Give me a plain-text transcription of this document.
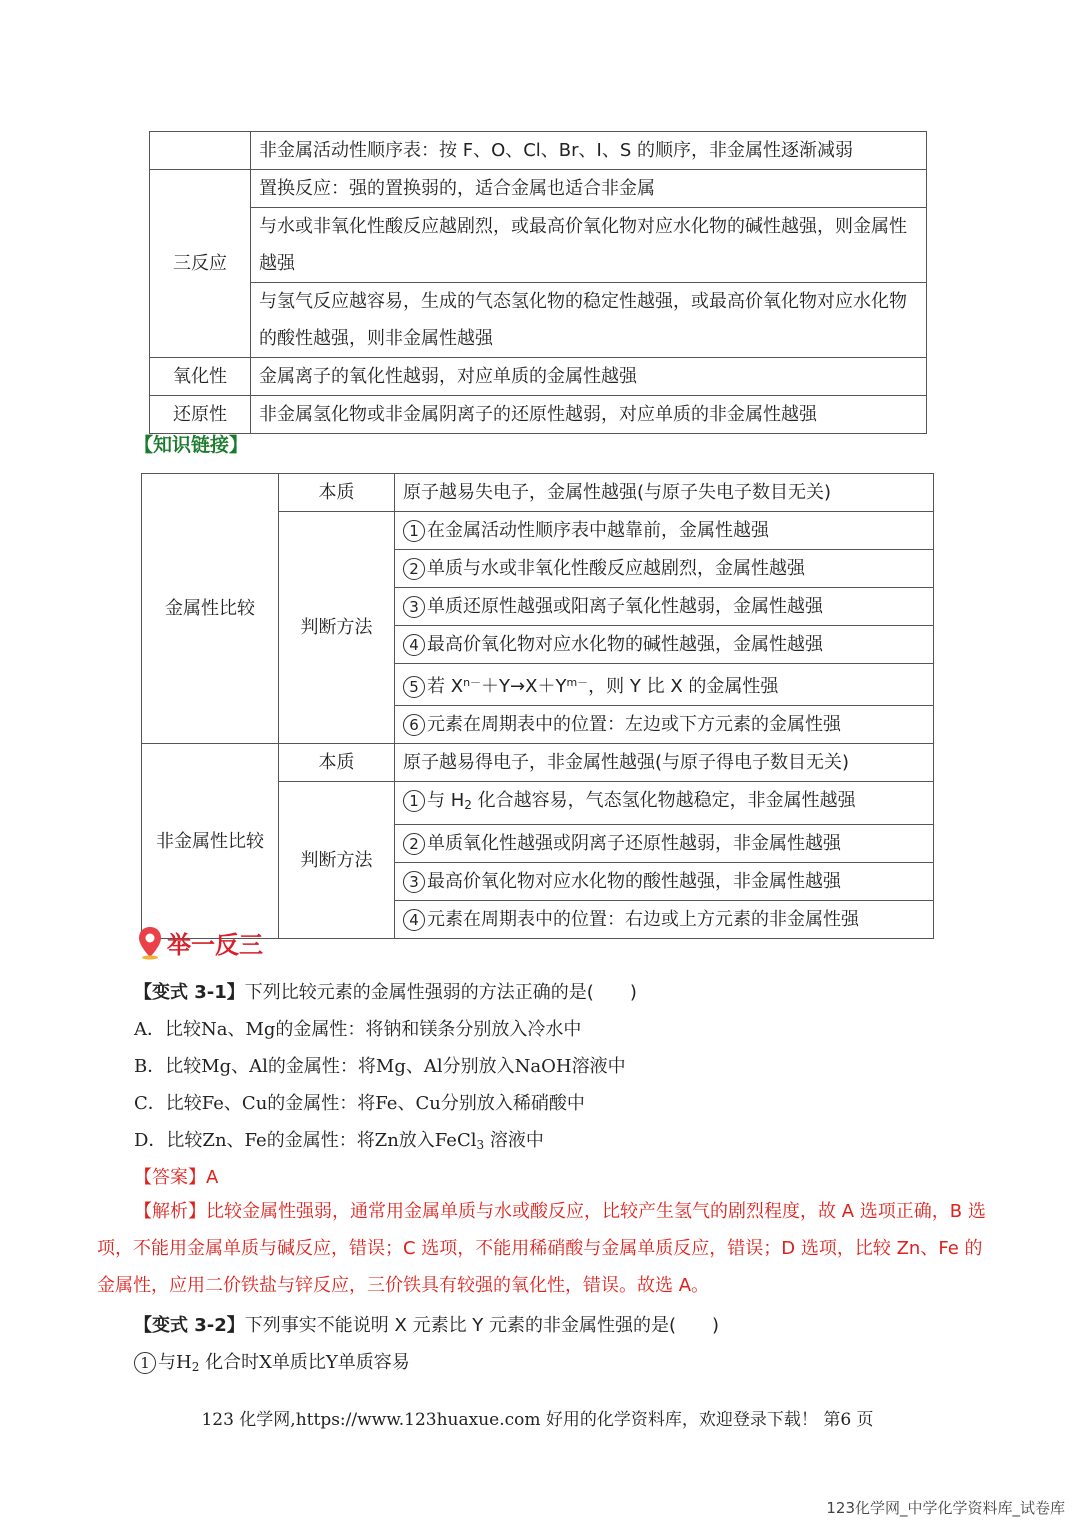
	非金属活动性顺序表：按 F、O、Cl、Br、I、S 的顺序，非金属性逐渐减弱
三反应	置换反应：强的置换弱的，适合金属也适合非金属
	与水或非氧化性酸反应越剧烈，或最高价氧化物对应水化物的碱性越强，则金属性越强
	与氢气反应越容易，生成的气态氢化物的稳定性越强，或最高价氧化物对应水化物的酸性越强，则非金属性越强
氧化性	金属离子的氧化性越弱，对应单质的金属性越强
还原性	非金属氢化物或非金属阴离子的还原性越弱，对应单质的非金属性越强
【知识链接】
金属性比较	本质	原子越易失电子，金属性越强(与原子失电子数目无关)
	判断方法	1 在金属活动性顺序表中越靠前，金属性越强
		2 单质与水或非氧化性酸反应越剧烈，金属性越强
		3 单质还原性越强或阳离子氧化性越弱，金属性越强
		4 最高价氧化物对应水化物的碱性越强，金属性越强
		5 若 $X^{n-}+Y\to X+Y^{m-}$，则 Y 比 X 的金属性强
		6 元素在周期表中的位置：左边或下方元素的金属性强
非金属性比较	本质	原子越易得电子，非金属性越强(与原子得电子数目无关)
	判断方法	1 与 $H_2$ 化合越容易，气态氢化物越稳定，非金属性越强
		2 单质氧化性越强或阴离子还原性越弱，非金属性越强
		3 最高价氧化物对应水化物的酸性越强，非金属性越强
		4 元素在周期表中的位置：右边或上方元素的非金属性强
举一反三
【变式 3-1】下列比较元素的金属性强弱的方法正确的是(　　)
A．比较Na、Mg的金属性：将钠和镁条分别放入冷水中
B．比较Mg、Al的金属性：将Mg、Al分别放入NaOH溶液中
C．比较Fe、Cu的金属性：将Fe、Cu分别放入稀硝酸中
D．比较Zn、Fe的金属性：将Zn放入FeCl$_3$ 溶液中
【答案】A
【解析】比较金属性强弱，通常用金属单质与水或酸反应，比较产生氢气的剧烈程度，故 A 选项正确，B 选项，不能用金属单质与碱反应，错误；C 选项，不能用稀硝酸与金属单质反应，错误；D 选项，比较 Zn、Fe 的金属性，应用二价铁盐与锌反应，三价铁具有较强的氧化性，错误。故选 A。
【变式 3-2】下列事实不能说明 X 元素比 Y 元素的非金属性强的是(　　)
1 与$H_2$ 化合时X单质比Y单质容易
123 化学网,https://www.123huaxue.com 好用的化学资料库，欢迎登录下载！ 第6 页
123化学网_中学化学资料库_试卷库
